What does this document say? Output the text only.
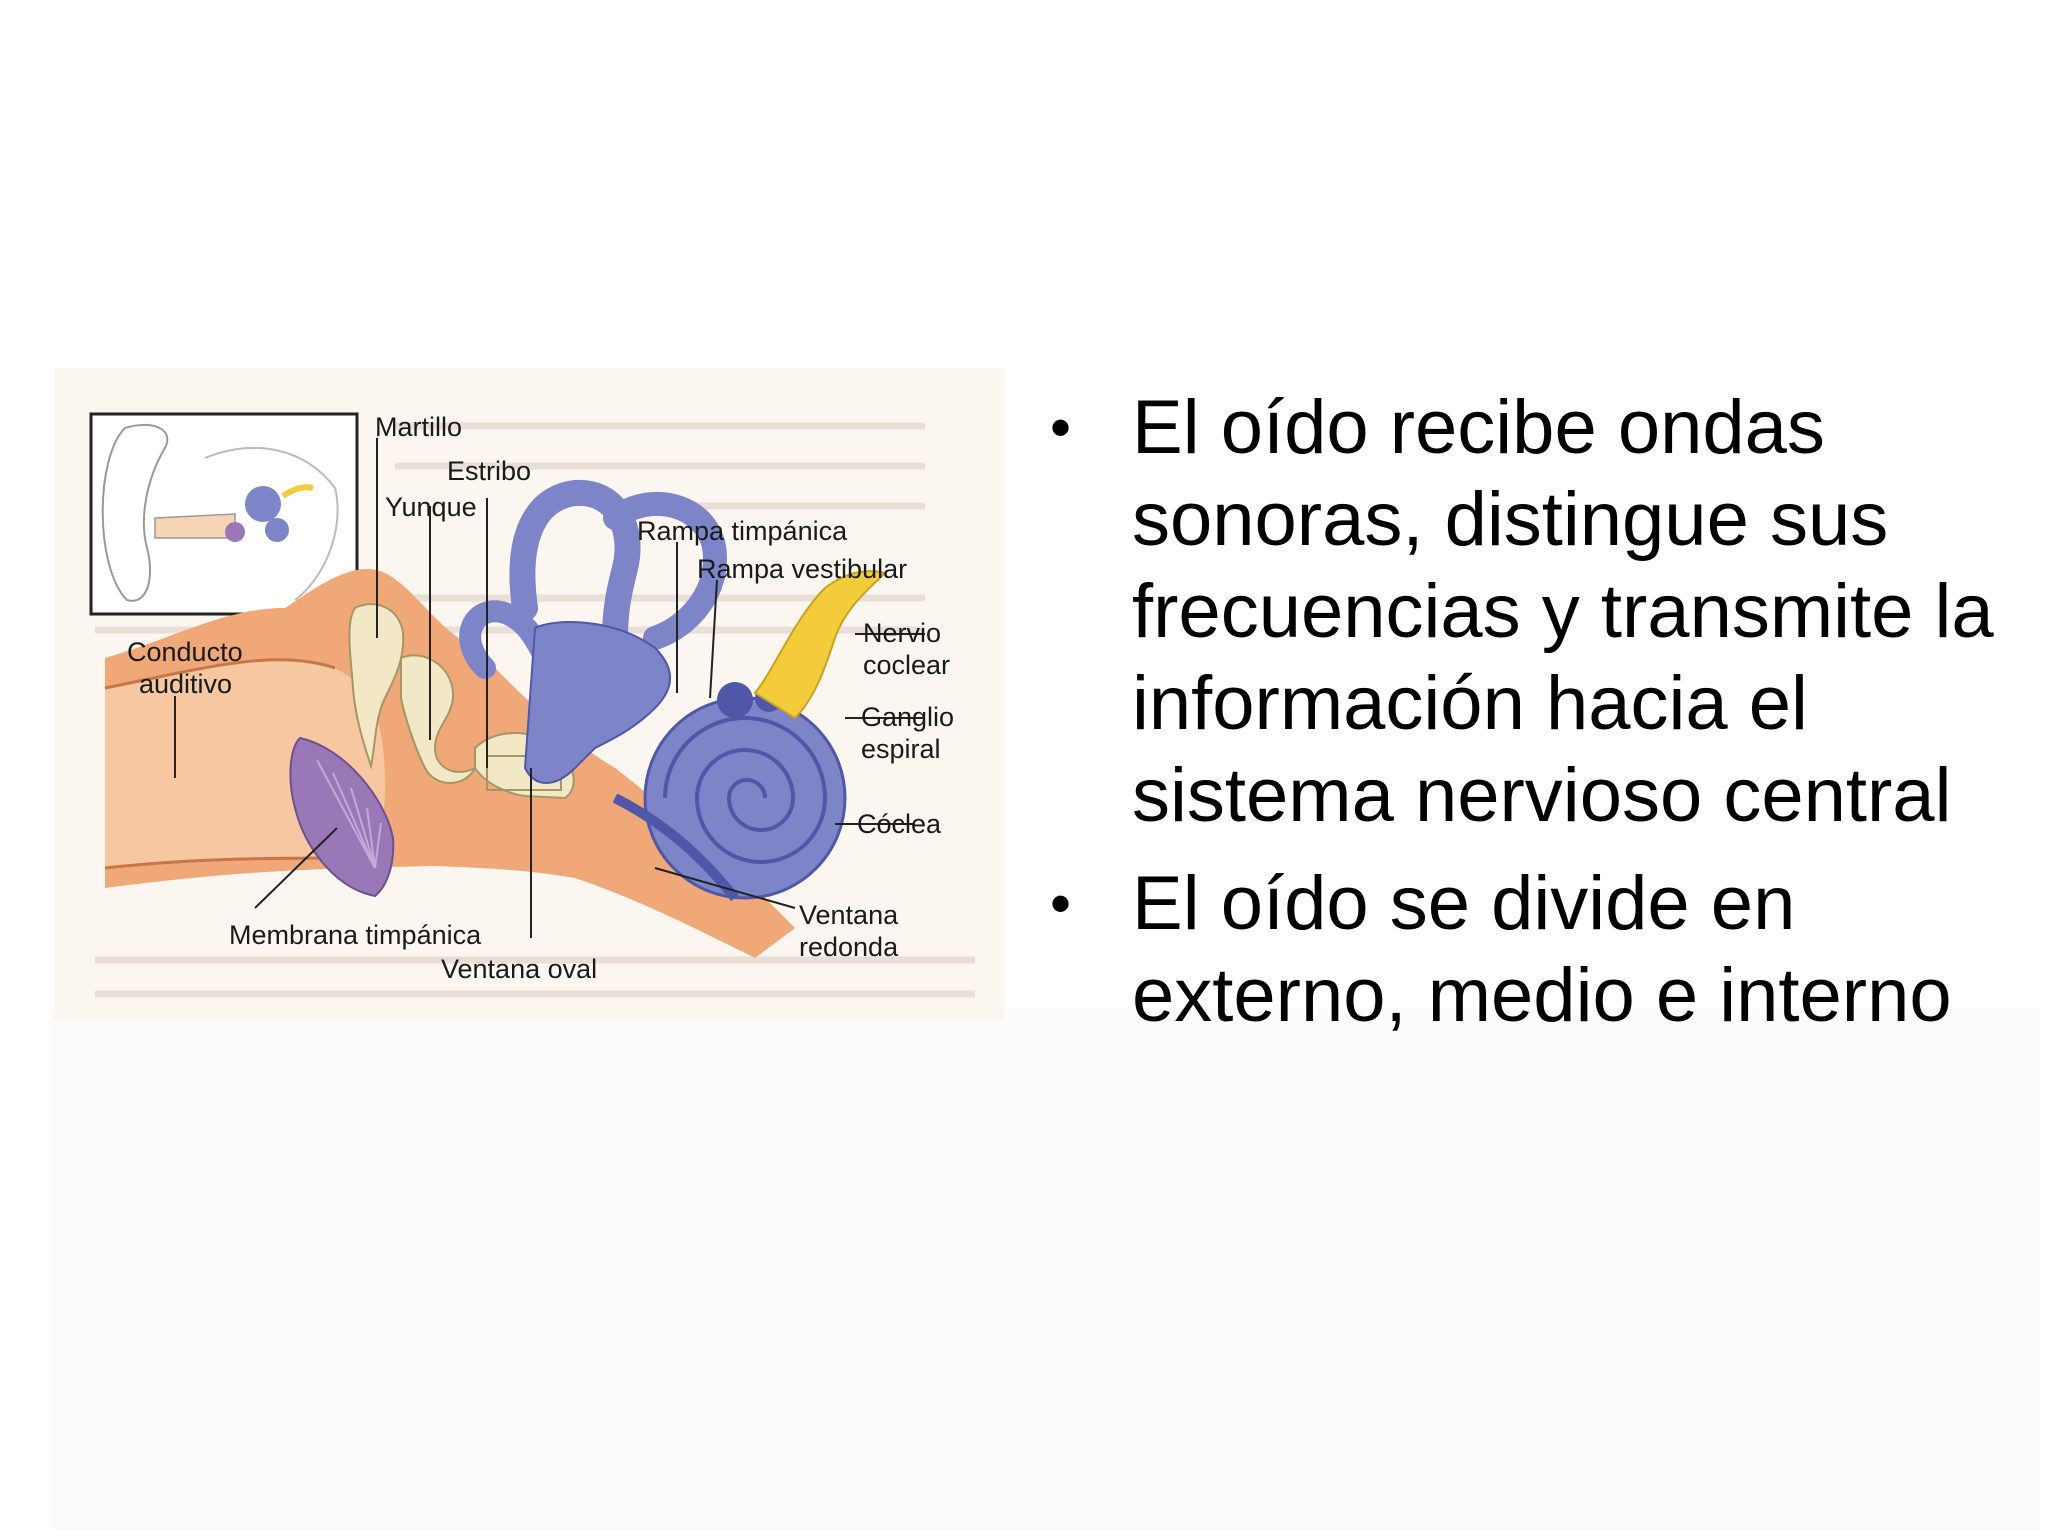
Martillo
Estribo
Yunque
Rampa timpánica
Rampa vestibular
Conducto
auditivo
Nervio
coclear
Ganglio
espiral
Cóclea
Ventana
redonda
Membrana timpánica
Ventana oval
• El oído recibe ondas sonoras, distingue sus frecuencias y transmite la información hacia el sistema nervioso central
• El oído se divide en externo, medio e interno
